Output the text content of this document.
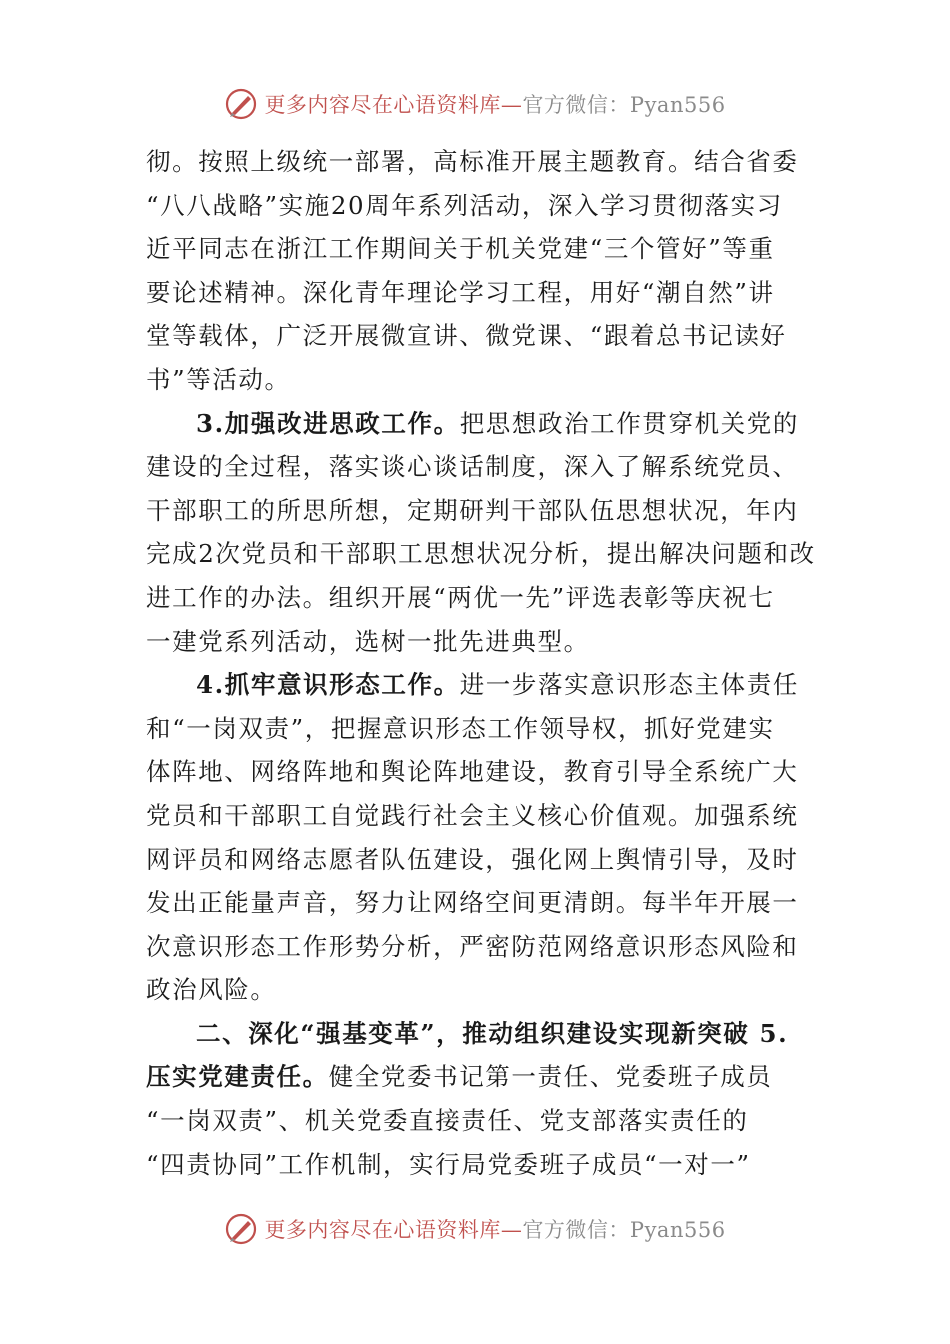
更多内容尽在心语资料库—官方微信：Pyan556
彻。按照上级统一部署，高标准开展主题教育。结合省委
“八八战略”实施20周年系列活动，深入学习贯彻落实习
近平同志在浙江工作期间关于机关党建“三个管好”等重
要论述精神。深化青年理论学习工程，用好“潮自然”讲
堂等载体，广泛开展微宣讲、微党课、“跟着总书记读好
书”等活动。
3.加强改进思政工作。把思想政治工作贯穿机关党的
建设的全过程，落实谈心谈话制度，深入了解系统党员、
干部职工的所思所想，定期研判干部队伍思想状况，年内
完成2次党员和干部职工思想状况分析，提出解决问题和改
进工作的办法。组织开展“两优一先”评选表彰等庆祝七
一建党系列活动，选树一批先进典型。
4.抓牢意识形态工作。进一步落实意识形态主体责任
和“一岗双责”，把握意识形态工作领导权，抓好党建实
体阵地、网络阵地和舆论阵地建设，教育引导全系统广大
党员和干部职工自觉践行社会主义核心价值观。加强系统
网评员和网络志愿者队伍建设，强化网上舆情引导，及时
发出正能量声音，努力让网络空间更清朗。每半年开展一
次意识形态工作形势分析，严密防范网络意识形态风险和
政治风险。
二、深化“强基变革”，推动组织建设实现新突破 5.
压实党建责任。健全党委书记第一责任、党委班子成员
“一岗双责”、机关党委直接责任、党支部落实责任的
“四责协同”工作机制，实行局党委班子成员“一对一”
更多内容尽在心语资料库—官方微信：Pyan556
